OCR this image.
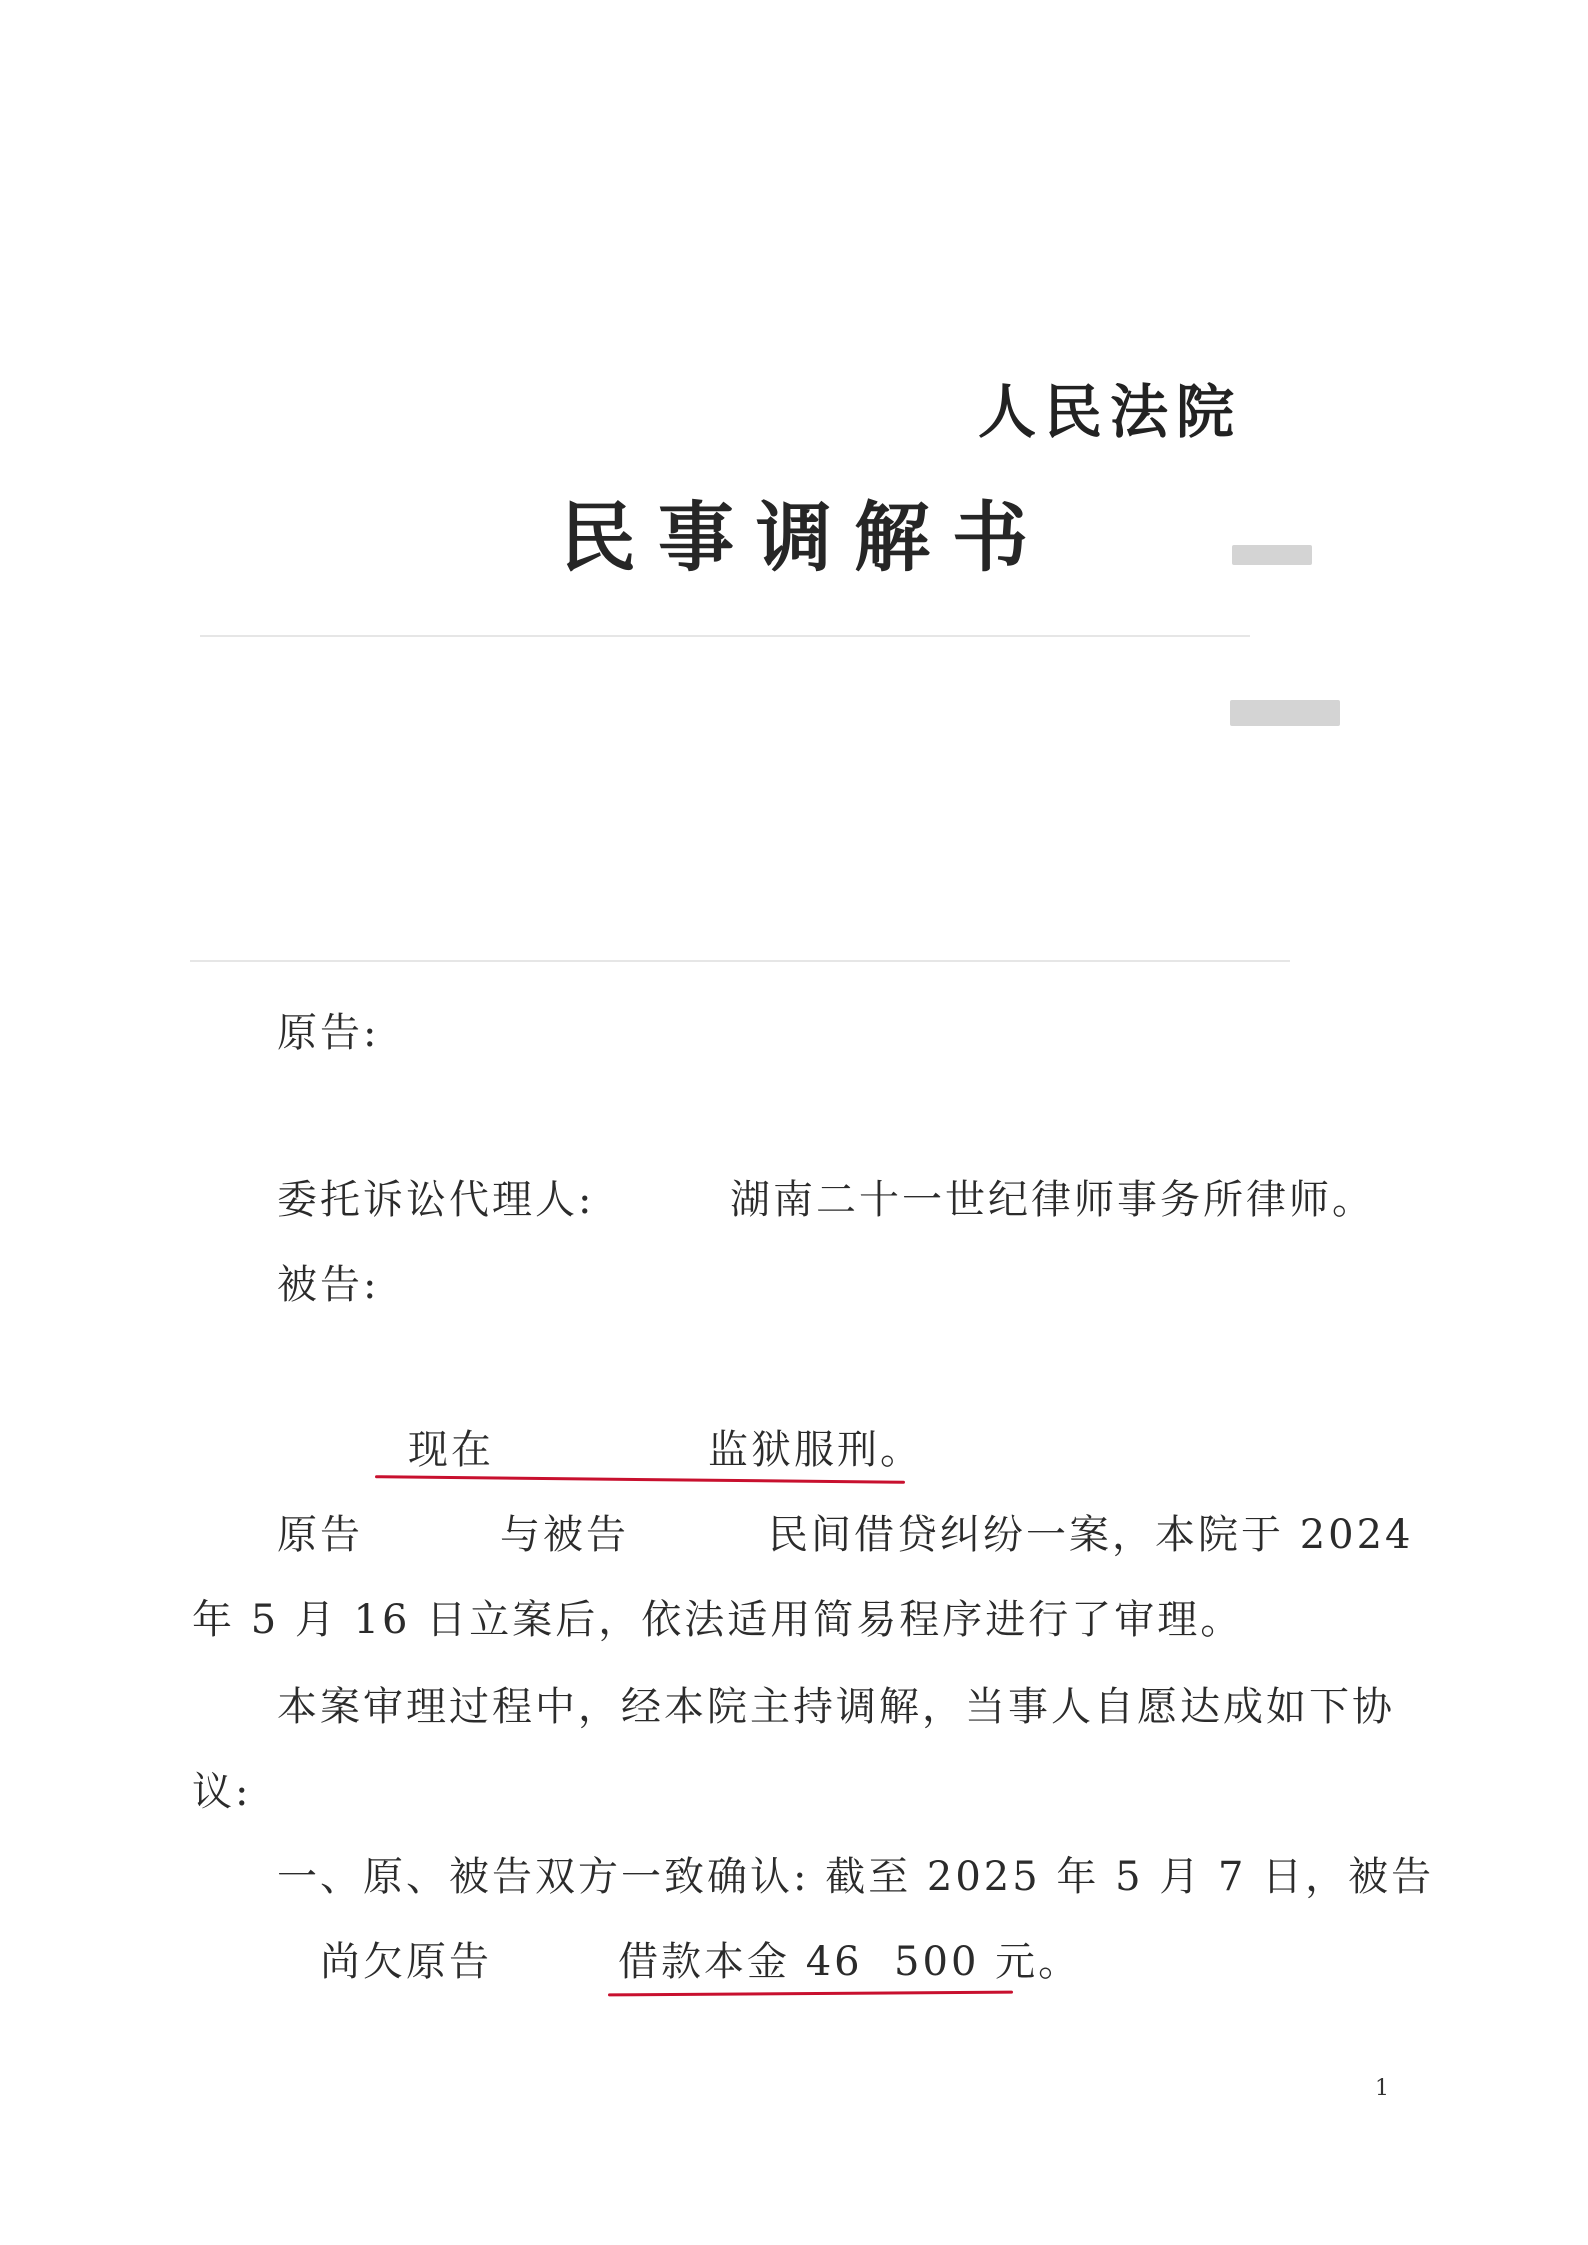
人民法院
民事调解书
原告:
委托诉讼代理人:	湖南二十一世纪律师事务所律师。
被告:
现在	监狱服刑。
原告	与被告	民间借贷纠纷一案，本院于 2024
年 5 月 16 日立案后，依法适用简易程序进行了审理。
本案审理过程中，经本院主持调解，当事人自愿达成如下协
议:
一、原、被告双方一致确认: 截至 2025 年 5 月 7 日，被告
尚欠原告	借款本金 46  500 元。
1
